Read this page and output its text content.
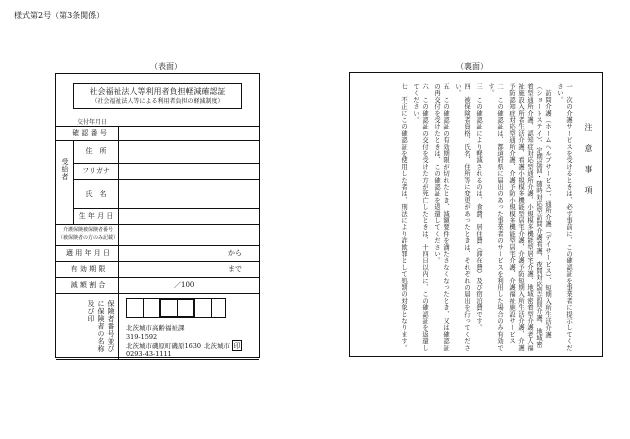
様式第2号（第3条関係）
（表面）
社会福祉法人等利用者負担軽減確認証
（社会福祉法人等による利用者負担の軽減制度）
交付年月日
確 認 番 号
受給者
住　所
フリガナ
氏　名
生 年 月 日
介護保険被保険者番号
（被保険者の方のみ記載）
適 用 年 月 日	から
有 効 期 限	まで
減 額 割 合	／100
保険者番号並びに保険者の名称及び印
北茨城市高齢福祉課
319-1592
北茨城市磯原町磯原1630
0293-43-1111
北茨城市 印
（裏面）
注 意 事 項
一　次の介護サービスを受けるときは、必ず事前に、この確認証を事業者に提示してください。
　訪問介護（ホームヘルプサービス）、通所介護（デイサービス）、短期入所生活介護（ショートステイ）、定期巡回・随時対応型訪問介護看護、夜間対応型訪問介護、地域密着型通所介護、認知症対応型通所介護、小規模多機能型居宅介護、地域密着型介護老人福祉施設入所者生活介護、看護小規模多機能型居宅介護、介護予防短期入所生活介護、介護予防認知症対応型通所介護、介護予防小規模多機能型居宅介護、介護福祉施設サービス
二　この確認証は、都道府県に届出のあった事業者のサービスを利用した場合のみ有効です。
三　この確認証により軽減されるのは、食費、居住費（滞在費）及び宿泊費です。
四　被保険者資格、氏名、住所等に変更があったときは、それぞれの届出を行ってください。
五　この確認証の有効期限が切れたとき、減額要件を満たさなくなったとき、又は確認証の再交付を受けたときは、この確認証を返還してください。
六　この確認証の交付を受けた方が死亡したときは、十四日以内に、この確認証を返還してください。
七　不正にこの確認証を使用した者は、刑法により詐欺罪として処罰の対象となります。
